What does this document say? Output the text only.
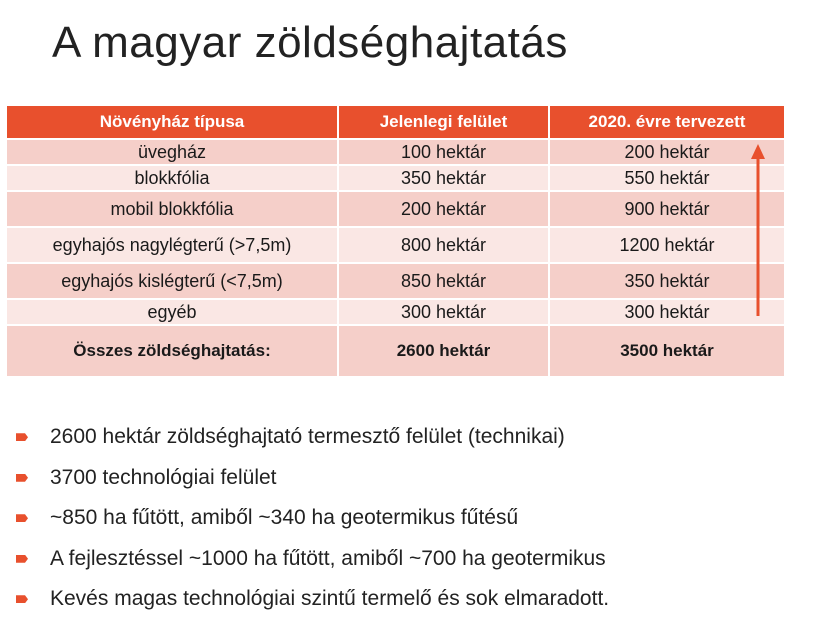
A magyar zöldséghajtatás
Növényház típusa	Jelenlegi felület	2020. évre tervezett
üvegház	100 hektár	200 hektár
blokkfólia	350 hektár	550 hektár
mobil blokkfólia	200 hektár	900 hektár
egyhajós nagylégterű (>7,5m)	800 hektár	1200 hektár
egyhajós kislégterű (<7,5m)	850 hektár	350 hektár
egyéb	300 hektár	300 hektár
Összes zöldséghajtatás:	2600 hektár	3500 hektár
2600 hektár zöldséghajtató termesztő felület (technikai)
3700 technológiai felület
~850 ha fűtött, amiből ~340 ha geotermikus fűtésű
A fejlesztéssel ~1000 ha fűtött, amiből ~700 ha geotermikus
Kevés magas technológiai szintű termelő és sok elmaradott.
